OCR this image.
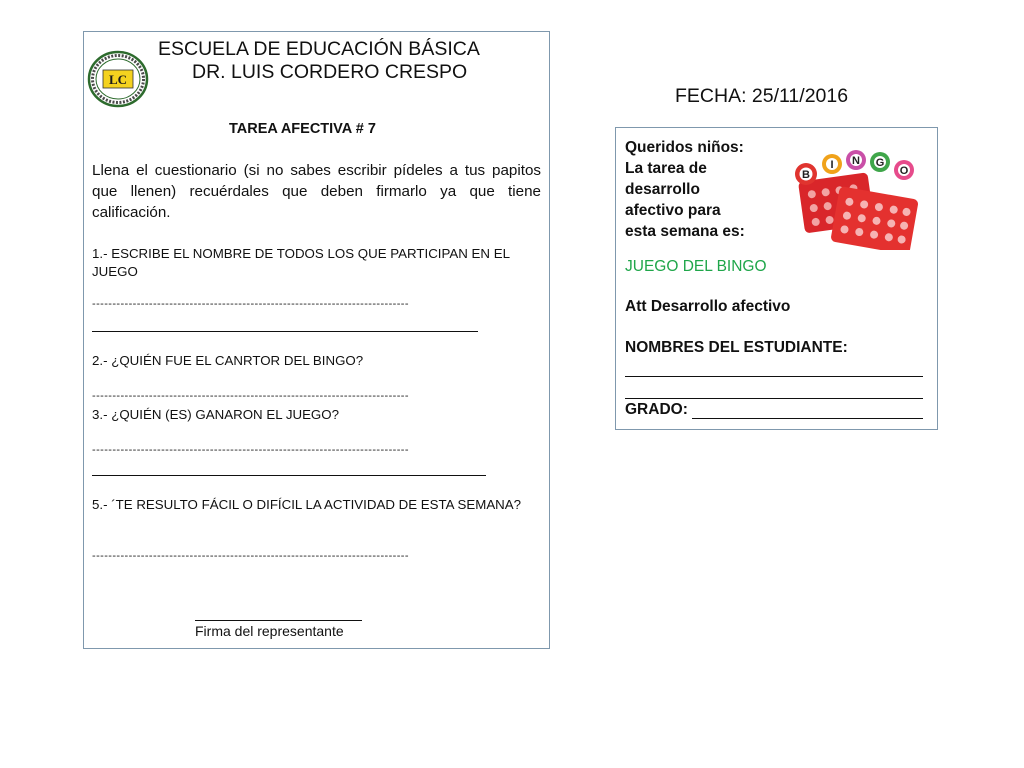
LC
ESCUELA DE EDUCACIÓN BÁSICA
DR. LUIS CORDERO CRESPO
TAREA AFECTIVA # 7
Llena el cuestionario (si no sabes escribir pídeles a tus papitos que llenen) recuérdales que deben firmarlo ya que tiene calificación.
1.- ESCRIBE EL NOMBRE DE TODOS LOS QUE PARTICIPAN EN EL JUEGO
------------------------------------------------------------------------------
2.- ¿QUIÉN FUE EL CANRTOR DEL BINGO?
------------------------------------------------------------------------------
3.- ¿QUIÉN (ES) GANARON EL JUEGO?
------------------------------------------------------------------------------
5.- ´TE RESULTO FÁCIL O DIFÍCIL LA ACTIVIDAD DE ESTA SEMANA?
------------------------------------------------------------------------------
Firma del representante
FECHA: 25/11/2016
Queridos niños:
La tarea de
desarrollo
afectivo para
esta semana es:
B
I N G
O
JUEGO DEL BINGO
Att Desarrollo afectivo
NOMBRES DEL ESTUDIANTE:
GRADO:
